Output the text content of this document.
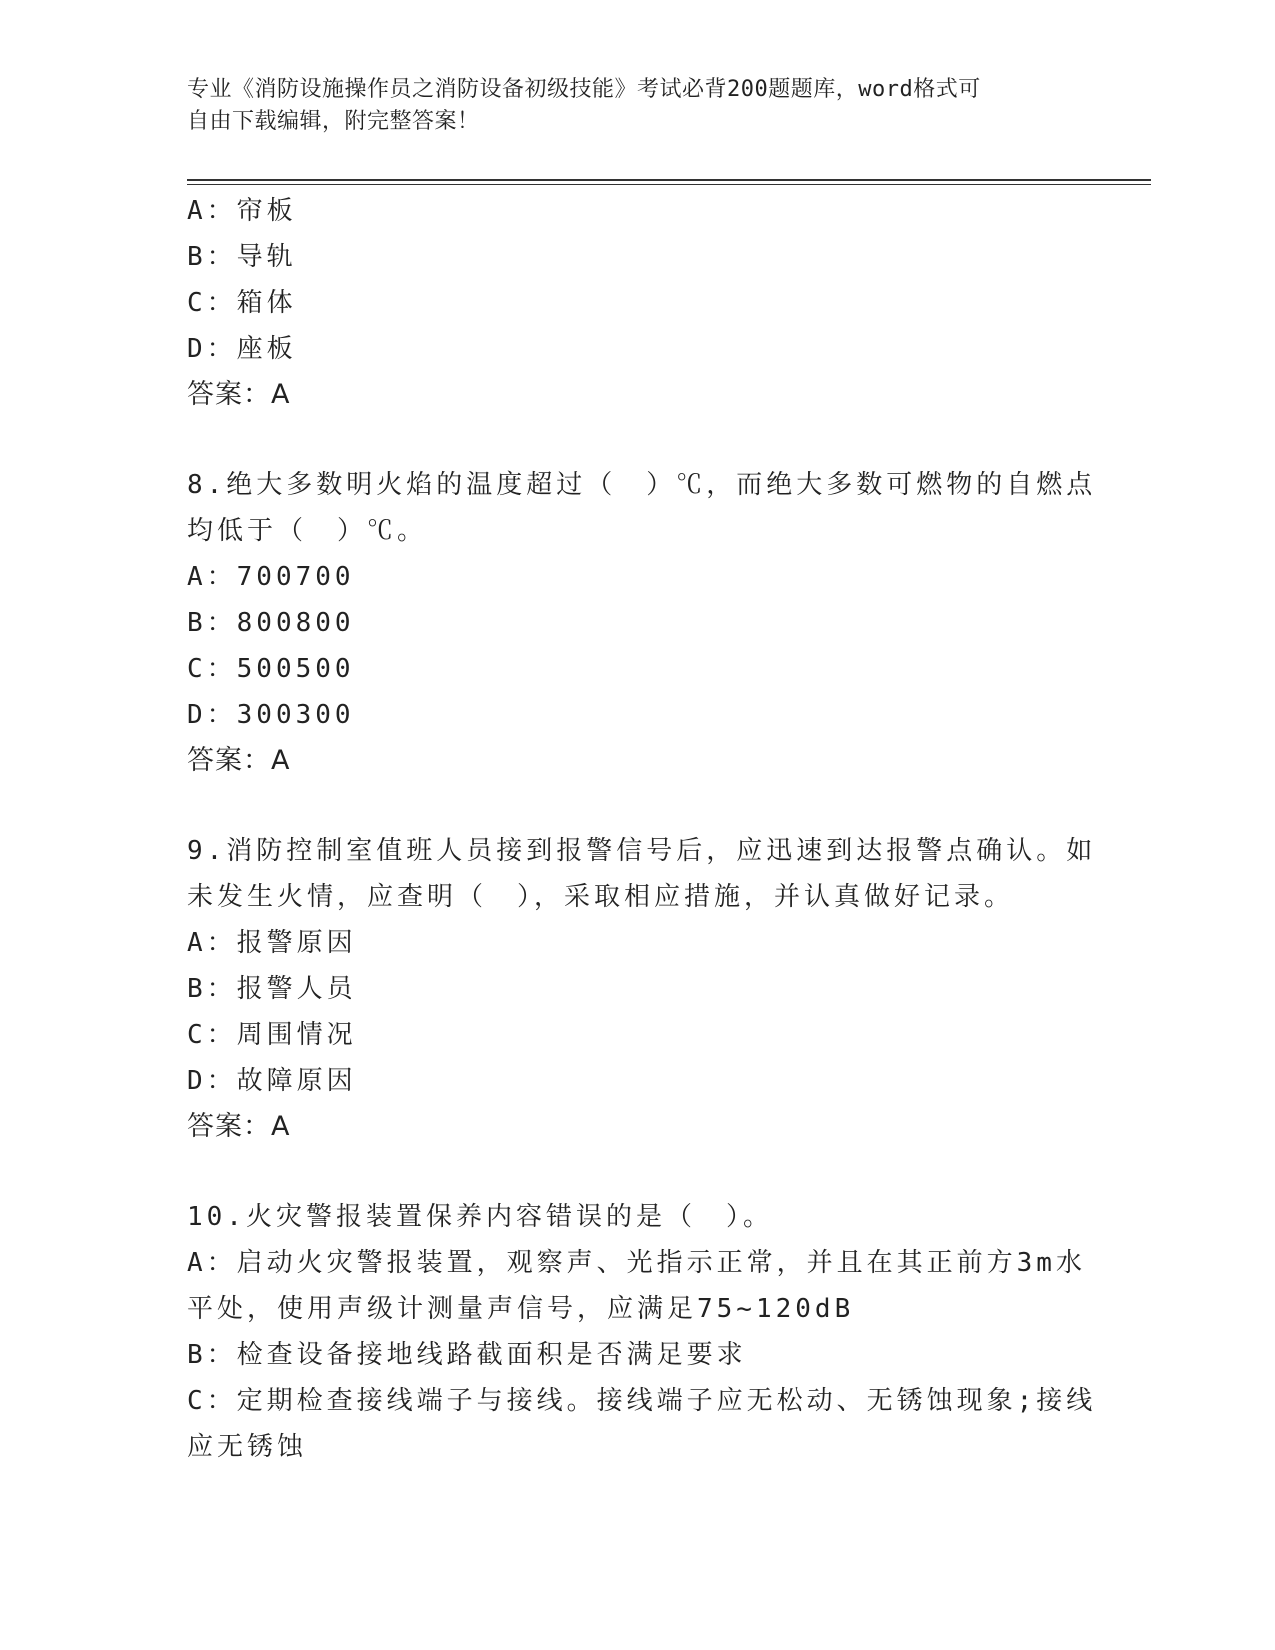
专业《消防设施操作员之消防设备初级技能》考试必背200题题库，word格式可
自由下载编辑，附完整答案！
A：帘板
B：导轨
C：箱体
D：座板
答案：A
8.绝大多数明火焰的温度超过（　）℃，而绝大多数可燃物的自燃点
均低于（　）℃。
A：700700
B：800800
C：500500
D：300300
答案：A
9.消防控制室值班人员接到报警信号后，应迅速到达报警点确认。如
未发生火情，应查明（　），采取相应措施，并认真做好记录。
A：报警原因
B：报警人员
C：周围情况
D：故障原因
答案：A
10.火灾警报装置保养内容错误的是（　）。
A：启动火灾警报装置，观察声、光指示正常，并且在其正前方3m水
平处，使用声级计测量声信号，应满足75~120dB
B：检查设备接地线路截面积是否满足要求
C：定期检查接线端子与接线。接线端子应无松动、无锈蚀现象;接线
应无锈蚀
